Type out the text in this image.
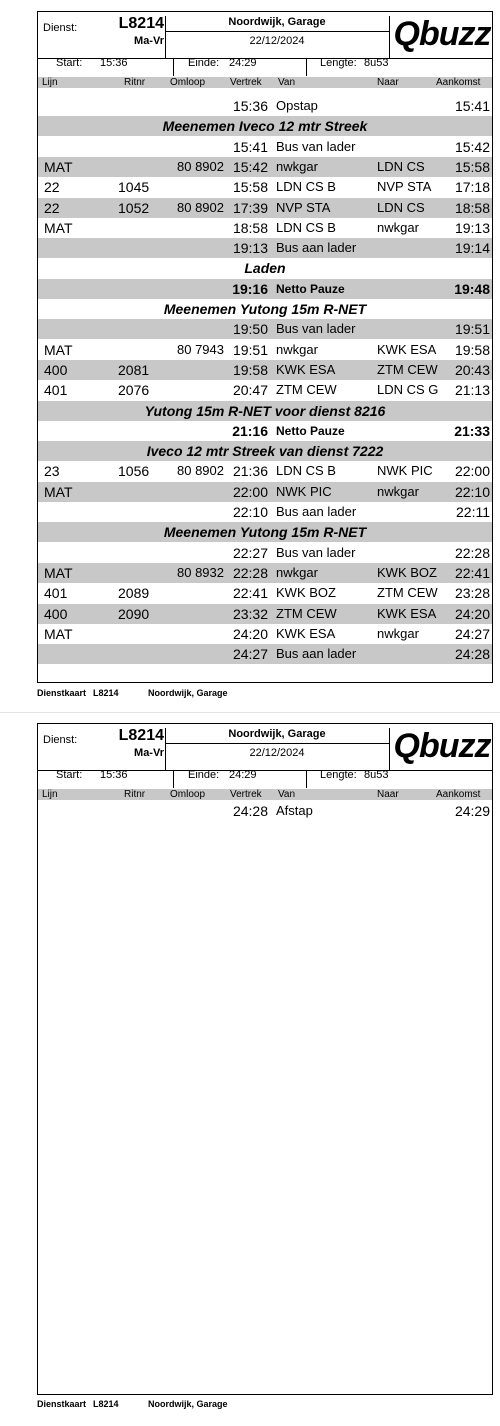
Dienst:	L8214
Ma-Vr
Noordwijk, Garage
22/12/2024	Qbuzz
Start: 15:36	Einde: 24:29	Lengte: 8u53
Lijn	Ritnr Omloop Vertrek Van	Naar	Aankomst
15:36 Opstap	15:41
Meenemen Iveco 12 mtr Streek
15:41 Bus van lader	15:42
MAT	80 8902 15:42 nwkgar	LDN CS	15:58
22	1045	15:58 LDN CS B	NVP STA	17:18
22	1052	80 8902 17:39 NVP STA	LDN CS	18:58
MAT	18:58 LDN CS B	nwkgar	19:13
19:13 Bus aan lader	19:14
Laden
19:16 Netto Pauze	19:48
Meenemen Yutong 15m R-NET
19:50 Bus van lader	19:51
MAT	80 7943 19:51 nwkgar	KWK ESA	19:58
400	2081	19:58 KWK ESA	ZTM CEW	20:43
401	2076	20:47 ZTM CEW	LDN CS G	21:13
Yutong 15m R-NET voor dienst 8216
21:16 Netto Pauze	21:33
Iveco 12 mtr Streek van dienst 7222
23	1056	80 8902 21:36 LDN CS B	NWK PIC	22:00
MAT	22:00 NWK PIC	nwkgar	22:10
22:10 Bus aan lader	22:11
Meenemen Yutong 15m R-NET
22:27 Bus van lader	22:28
MAT	80 8932 22:28 nwkgar	KWK BOZ	22:41
401	2089	22:41 KWK BOZ	ZTM CEW	23:28
400	2090	23:32 ZTM CEW	KWK ESA	24:20
MAT	24:20 KWK ESA	nwkgar	24:27
24:27 Bus aan lader	24:28
Dienstkaart L8214	Noordwijk, Garage
Dienst:	L8214
Ma-Vr
Noordwijk, Garage
22/12/2024	Qbuzz
Start: 15:36	Einde: 24:29	Lengte: 8u53
Lijn	Ritnr Omloop Vertrek Van	Naar	Aankomst
24:28 Afstap	24:29
Dienstkaart L8214	Noordwijk, Garage
